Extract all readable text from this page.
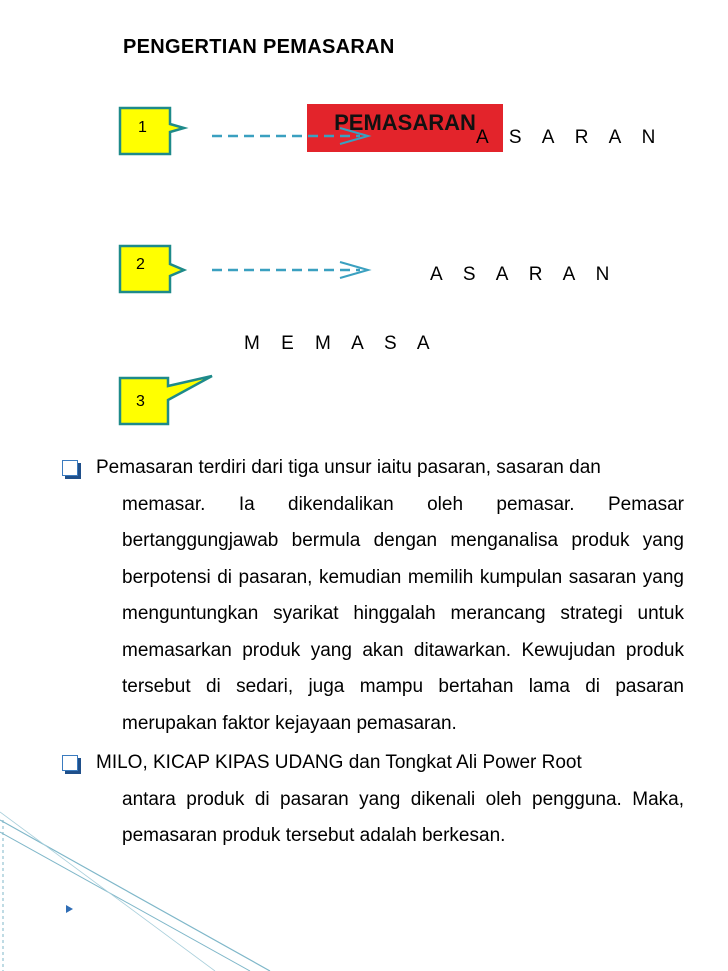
PENGERTIAN PEMASARAN
1
2
3
PEMASARAN
A S A R A N
A S A R A N
M E M A S A
Pemasaran terdiri dari tiga unsur iaitu pasaran, sasaran dan
memasar. Ia dikendalikan oleh pemasar. Pemasar bertanggungjawab bermula dengan menganalisa produk yang berpotensi di pasaran, kemudian memilih kumpulan sasaran yang menguntungkan syarikat hinggalah merancang strategi untuk memasarkan produk yang akan ditawarkan. Kewujudan produk tersebut di sedari, juga mampu bertahan lama di pasaran merupakan faktor kejayaan pemasaran.
MILO, KICAP KIPAS UDANG dan Tongkat Ali Power Root
antara produk di pasaran yang dikenali oleh pengguna. Maka, pemasaran produk tersebut adalah berkesan.
